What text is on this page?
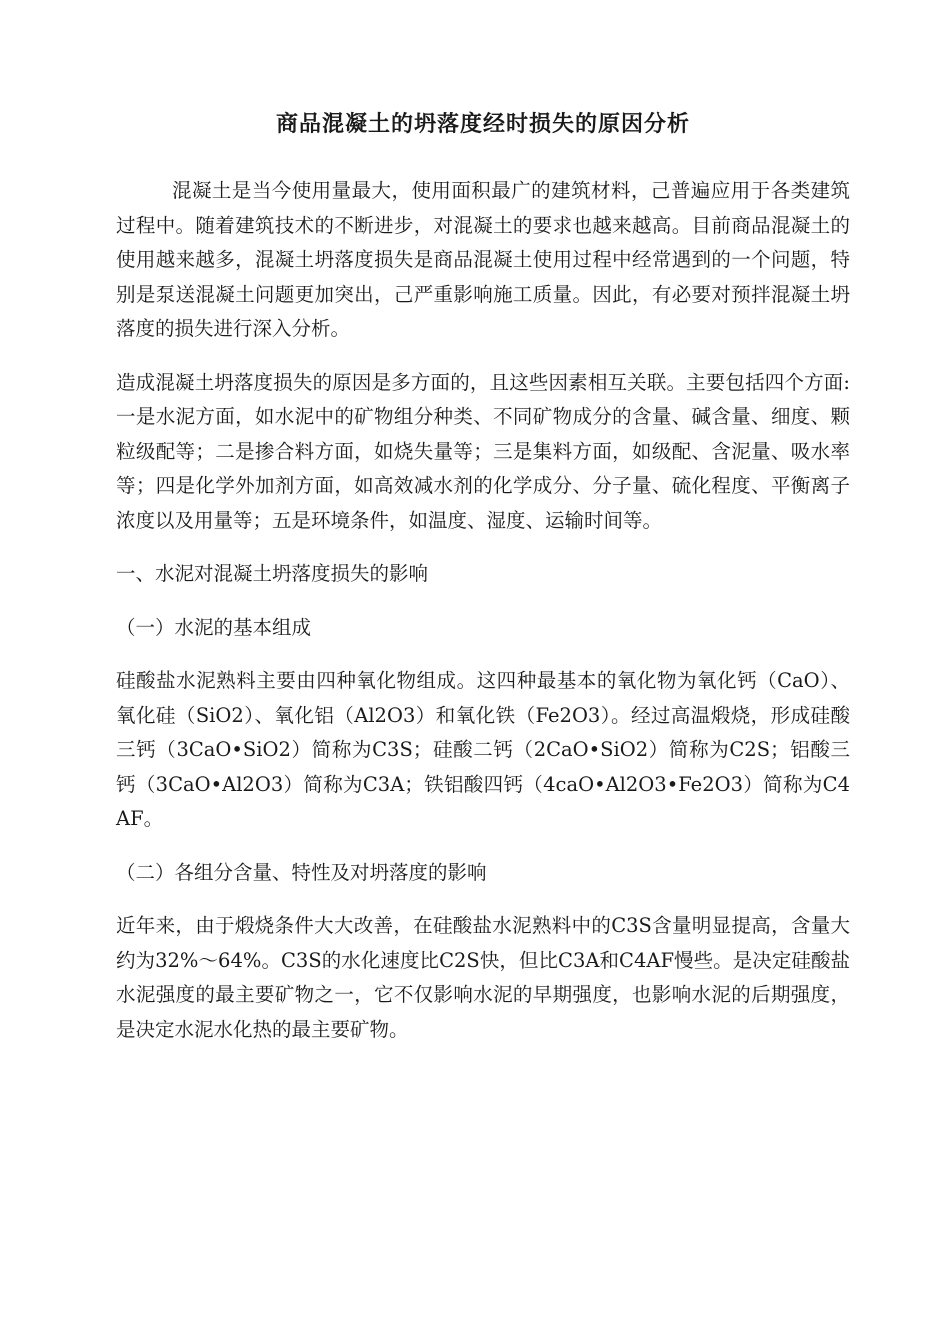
商品混凝土的坍落度经时损失的原因分析

混凝土是当今使用量最大，使用面积最广的建筑材料，己普遍应用于各类建筑过程中。随着建筑技术的不断进步，对混凝土的要求也越来越高。目前商品混凝土的使用越来越多，混凝土坍落度损失是商品混凝土使用过程中经常遇到的一个问题，特别是泵送混凝土问题更加突出，己严重影响施工质量。因此，有必要对预拌混凝土坍落度的损失进行深入分析。

造成混凝土坍落度损失的原因是多方面的，且这些因素相互关联。主要包括四个方面:一是水泥方面，如水泥中的矿物组分种类、不同矿物成分的含量、碱含量、细度、颗粒级配等；二是掺合料方面，如烧失量等；三是集料方面，如级配、含泥量、吸水率等；四是化学外加剂方面，如高效减水剂的化学成分、分子量、硫化程度、平衡离子浓度以及用量等；五是环境条件，如温度、湿度、运输时间等。

一、水泥对混凝土坍落度损失的影响
（一）水泥的基本组成

硅酸盐水泥熟料主要由四种氧化物组成。这四种最基本的氧化物为氧化钙（CaO）、氧化硅（SiO2）、氧化铝（Al2O3）和氧化铁（Fe2O3）。经过高温煅烧，形成硅酸三钙（3CaO•SiO2）简称为C3S；硅酸二钙（2CaO•SiO2）简称为C2S；铝酸三钙（3CaO•Al2O3）简称为C3A；铁铝酸四钙（4caO•Al2O3•Fe2O3）简称为C4AF。

（二）各组分含量、特性及对坍落度的影响

近年来，由于煅烧条件大大改善，在硅酸盐水泥熟料中的C3S含量明显提高，含量大约为32%～64%。C3S的水化速度比C2S快，但比C3A和C4AF慢些。是决定硅酸盐水泥强度的最主要矿物之一，它不仅影响水泥的早期强度，也影响水泥的后期强度，是决定水泥水化热的最主要矿物。
